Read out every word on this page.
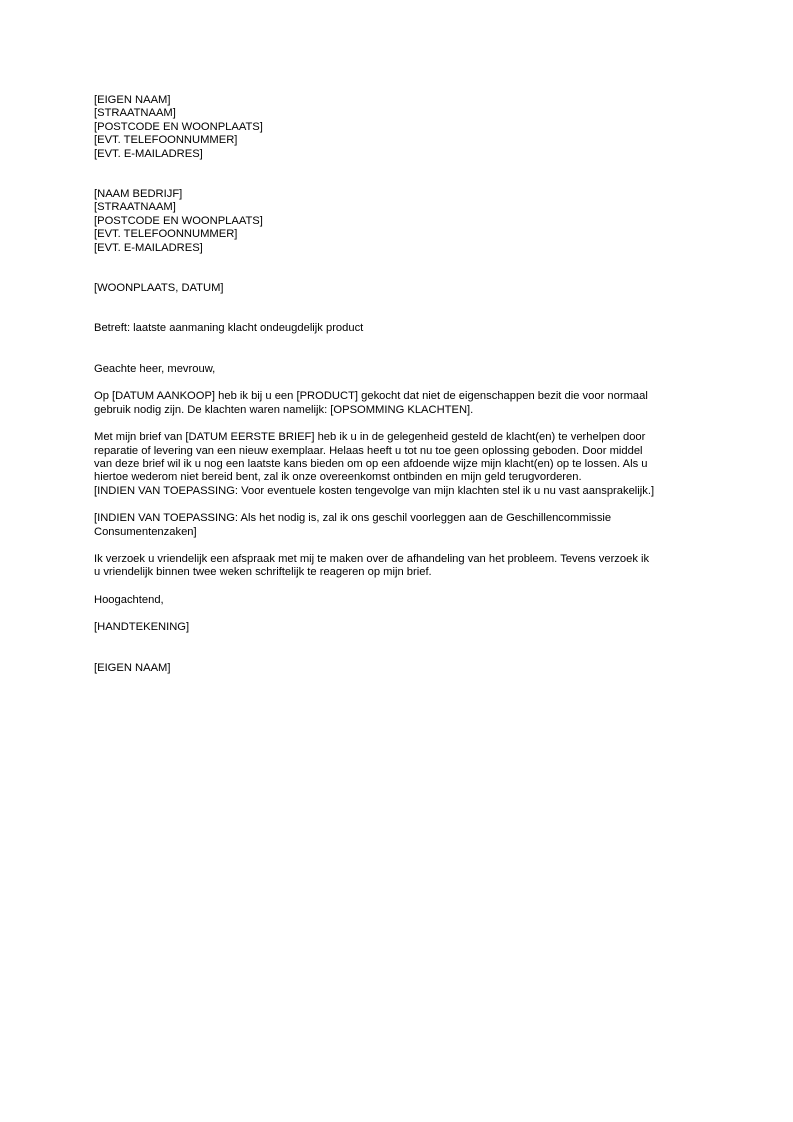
[EIGEN NAAM]
[STRAATNAAM]
[POSTCODE EN WOONPLAATS]
[EVT. TELEFOONNUMMER]
[EVT. E-MAILADRES]
[NAAM BEDRIJF]
[STRAATNAAM]
[POSTCODE EN WOONPLAATS]
[EVT. TELEFOONNUMMER]
[EVT. E-MAILADRES]
[WOONPLAATS, DATUM]
Betreft: laatste aanmaning klacht ondeugdelijk product
Geachte heer, mevrouw,
Op [DATUM AANKOOP] heb ik bij u een [PRODUCT] gekocht dat niet de eigenschappen bezit die voor normaal
gebruik nodig zijn. De klachten waren namelijk: [OPSOMMING KLACHTEN].
Met mijn brief van [DATUM EERSTE BRIEF] heb ik u in de gelegenheid gesteld de klacht(en) te verhelpen door
reparatie of levering van een nieuw exemplaar. Helaas heeft u tot nu toe geen oplossing geboden. Door middel
van deze brief wil ik u nog een laatste kans bieden om op een afdoende wijze mijn klacht(en) op te lossen. Als u
hiertoe wederom niet bereid bent, zal ik onze overeenkomst ontbinden en mijn geld terugvorderen.
[INDIEN VAN TOEPASSING: Voor eventuele kosten tengevolge van mijn klachten stel ik u nu vast aansprakelijk.]
[INDIEN VAN TOEPASSING: Als het nodig is, zal ik ons geschil voorleggen aan de Geschillencommissie
Consumentenzaken]
Ik verzoek u vriendelijk een afspraak met mij te maken over de afhandeling van het probleem. Tevens verzoek ik
u vriendelijk binnen twee weken schriftelijk te reageren op mijn brief.
Hoogachtend,
[HANDTEKENING]
[EIGEN NAAM]
